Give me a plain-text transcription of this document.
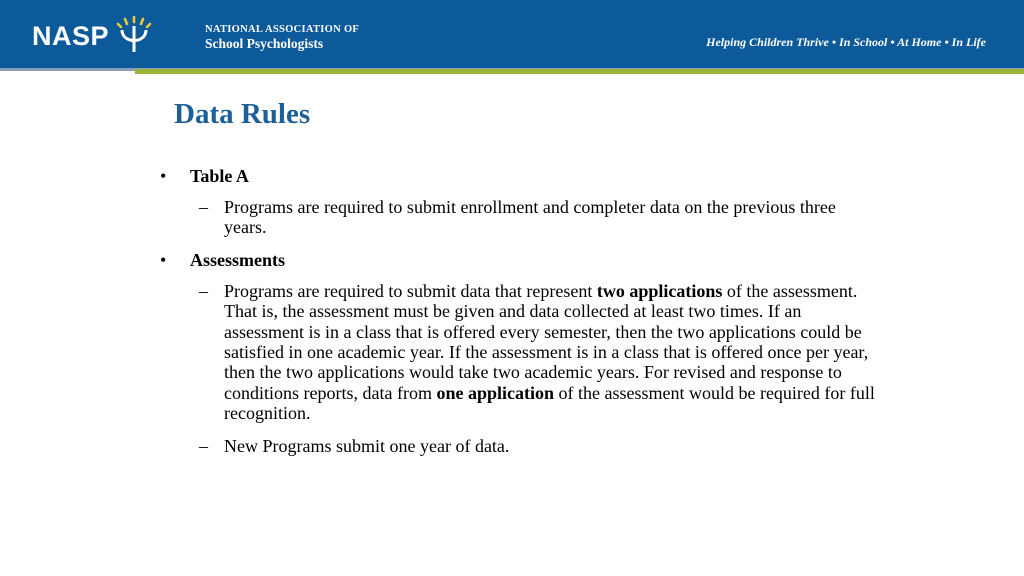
NASP	NATIONAL ASSOCIATION OF
School Psychologists	Helping Children Thrive • In School • At Home • In Life
Data Rules
• Table A
– Programs are required to submit enrollment and completer data on the previous three years.
• Assessments
– Programs are required to submit data that represent two applications of the assessment. That is, the assessment must be given and data collected at least two times. If an assessment is in a class that is offered every semester, then the two applications could be satisfied in one academic year. If the assessment is in a class that is offered once per year, then the two applications would take two academic years. For revised and response to conditions reports, data from one application of the assessment would be required for full recognition.
– New Programs submit one year of data.
